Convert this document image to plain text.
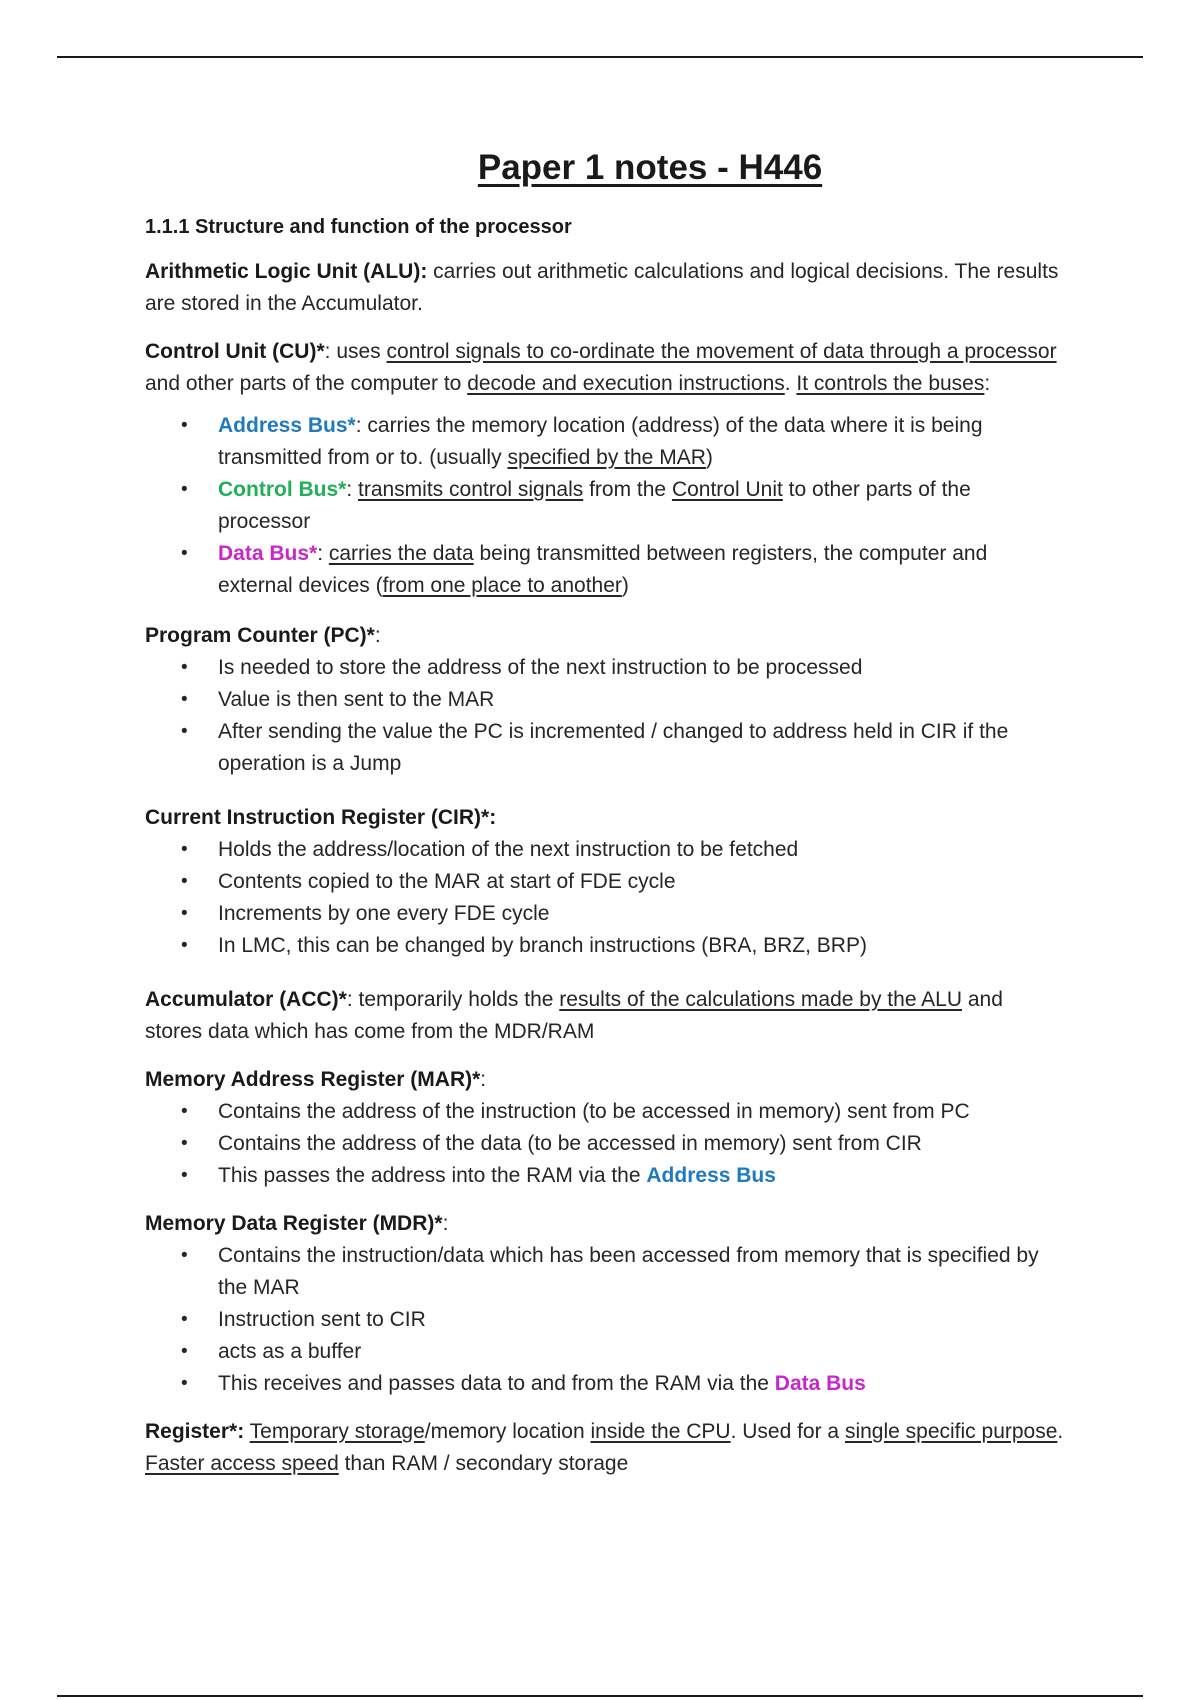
Paper 1 notes - H446
1.1.1 Structure and function of the processor

Arithmetic Logic Unit (ALU): carries out arithmetic calculations and logical decisions. The results are stored in the Accumulator.

Control Unit (CU)*: uses control signals to co-ordinate the movement of data through a processor and other parts of the computer to decode and execution instructions. It controls the buses:

• Address Bus*: carries the memory location (address) of the data where it is being transmitted from or to. (usually specified by the MAR)
• Control Bus*: transmits control signals from the Control Unit to other parts of the processor
• Data Bus*: carries the data being transmitted between registers, the computer and external devices (from one place to another)

Program Counter (PC)*:

• Is needed to store the address of the next instruction to be processed
• Value is then sent to the MAR
• After sending the value the PC is incremented / changed to address held in CIR if the operation is a Jump

Current Instruction Register (CIR)*:

• Holds the address/location of the next instruction to be fetched
• Contents copied to the MAR at start of FDE cycle
• Increments by one every FDE cycle
• In LMC, this can be changed by branch instructions (BRA, BRZ, BRP)

Accumulator (ACC)*: temporarily holds the results of the calculations made by the ALU and stores data which has come from the MDR/RAM

Memory Address Register (MAR)*:

• Contains the address of the instruction (to be accessed in memory) sent from PC
• Contains the address of the data (to be accessed in memory) sent from CIR
• This passes the address into the RAM via the Address Bus

Memory Data Register (MDR)*:

• Contains the instruction/data which has been accessed from memory that is specified by the MAR
• Instruction sent to CIR
• acts as a buffer
• This receives and passes data to and from the RAM via the Data Bus

Register*: Temporary storage/memory location inside the CPU. Used for a single specific purpose. Faster access speed than RAM / secondary storage
